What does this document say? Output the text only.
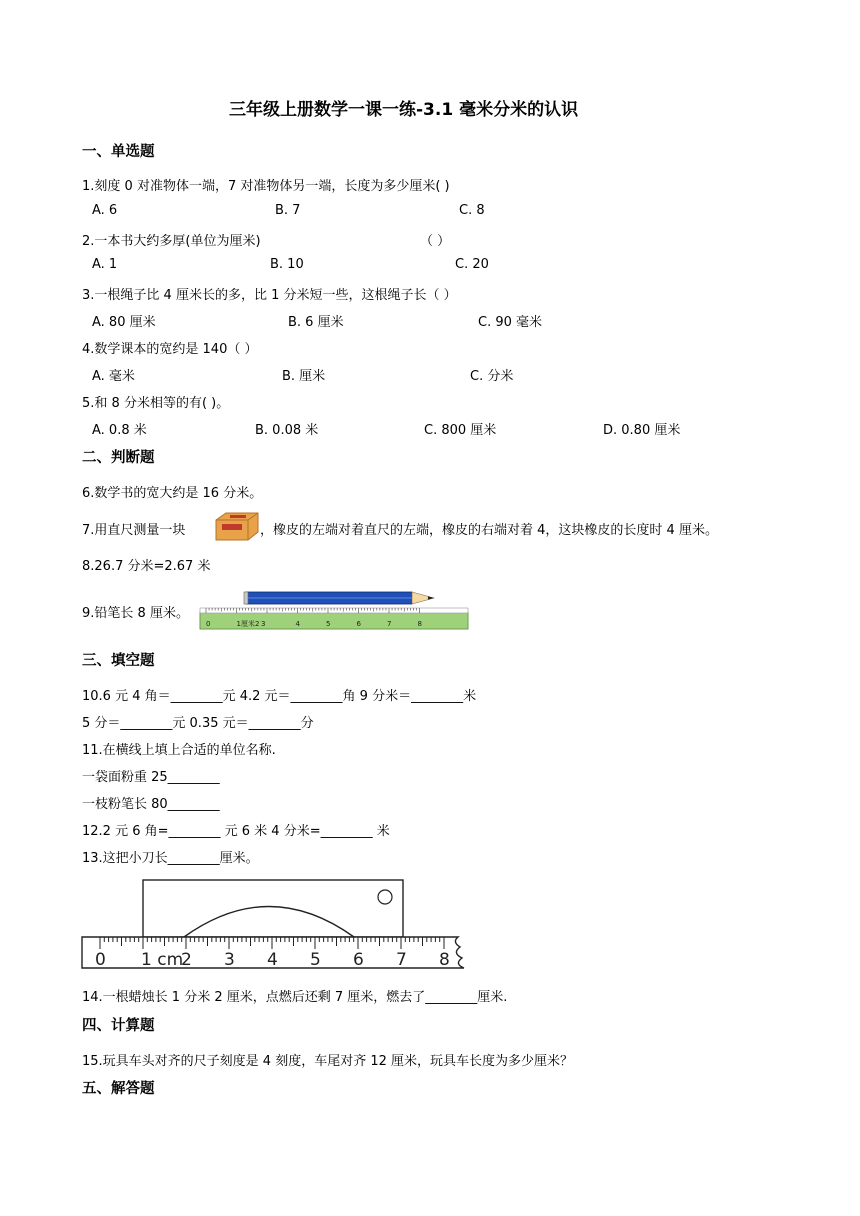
三年级上册数学一课一练-3.1 毫米分米的认识
一、单选题
1.刻度 0 对准物体一端，7 对准物体另一端，长度为多少厘米( )
A. 6	B. 7	C. 8
2.一本书大约多厚(单位为厘米)	（ ）
A. 1	B. 10	C. 20
3.一根绳子比 4 厘米长的多，比 1 分米短一些，这根绳子长（ ）
A. 80 厘米	B. 6 厘米	C. 90 毫米
4.数学课本的宽约是 140（ ）
A. 毫米	B. 厘米	C. 分米
5.和 8 分米相等的有( )。
A. 0.8 米	B. 0.08 米	C. 800 厘米	D. 0.80 厘米
二、判断题
6.数学书的宽大约是 16 分米。
7.用直尺测量一块	，橡皮的左端对着直尺的左端，橡皮的右端对着 4，这块橡皮的长度时 4 厘米。
8.26.7 分米=2.67 米
9.铅笔长 8 厘米。
0	1厘米2 3	4	5	6	7	8
三、填空题
10.6 元 4 角＝________元 4.2 元＝________角 9 分米＝________米
5 分＝________元 0.35 元＝________分
11.在横线上填上合适的单位名称.
一袋面粉重 25________
一枝粉笔长 80________
12.2 元 6 角=________ 元 6 米 4 分米=________ 米
13.这把小刀长________厘米。
0 1 cm
2 3 4 5 6 7 8
14.一根蜡烛长 1 分米 2 厘米，点燃后还剩 7 厘米，燃去了________厘米.
四、计算题
15.玩具车头对齐的尺子刻度是 4 刻度，车尾对齐 12 厘米，玩具车长度为多少厘米？
五、解答题
